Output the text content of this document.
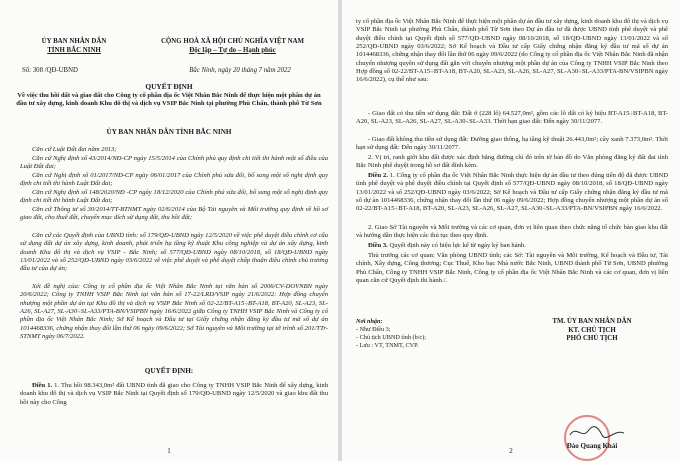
ỦY BAN NHÂN DÂN
TỈNH BẮC NINH
CỘNG HOÀ XÃ HỘI CHỦ NGHĨA VIỆT NAM
Độc lập – Tự do – Hạnh phúc
Số: 308 /QĐ-UBND	Bắc Ninh, ngày 20 tháng 7 năm 2022
QUYẾT ĐỊNH
Về việc thu hồi đất và giao đất cho Công ty cổ phần địa ốc Việt Nhân Bắc Ninh để thực hiện một phần dự án đầu tư xây dựng, kinh doanh Khu đô thị và dịch vụ VSIP Bắc Ninh tại phường Phù Chẩn, thành phố Từ Sơn
ỦY BAN NHÂN DÂN TỈNH BẮC NINH
Căn cứ Luật Đất đai năm 2013;
Căn cứ Nghị định số 43/2014/NĐ-CP ngày 15/5/2014 của Chính phủ quy định chi tiết thi hành một số điều của Luật Đất đai;
Căn cứ Nghị định số 01/2017/NĐ-CP ngày 06/01/2017 của Chính phủ sửa đổi, bổ sung một số nghị định quy định chi tiết thi hành Luật Đất đai;
Căn cứ Nghị định số 148/2020/NĐ -CP ngày 18/12/2020 của Chính phủ sửa đổi, bổ sung một số nghị định quy định chi tiết thi hành Luật Đất đai;
Căn cứ Thông tư số 30/2014/TT-BTNMT ngày 02/6/2014 của Bộ Tài nguyên và Môi trường quy định về hồ sơ giao đất, cho thuê đất, chuyển mục đích sử dụng đất, thu hồi đất;
Căn cứ các Quyết định của UBND tỉnh: số 179/QĐ-UBND ngày 12/5/2020 về việc phê duyệt điều chỉnh cơ cấu sử dụng đất dự án xây dựng, kinh doanh, phát triển hạ tầng kỹ thuật Khu công nghiệp và dự án xây dựng, kinh doanh Khu đô thị và dịch vụ VSIP - Bắc Ninh; số 577/QĐ-UBND ngày 08/10/2018, số 18/QĐ-UBND ngày 13/01/2022 và số 252/QĐ-UBND ngày 03/6/2022 về việc phê duyệt và phê duyệt chấp thuận điều chỉnh chủ trương đầu tư của dự án;
Xét đề nghị của: Công ty cổ phần địa ốc Việt Nhân Bắc Ninh tại văn bản số 2006/CV-DOVNBN ngày 20/6/2022; Công ty TNHH VSIP Bắc Ninh tại văn bản số 17-22/LRD/VSIP ngày 21/6/2022: Hợp đồng chuyển nhượng một phần dự án tại Khu đô thị và dịch vụ VSIP Bắc Ninh số 02-22/BT-A15÷BT-A18, BT-A20, SL-A23, SL-A26, SL-A27, SL-A30÷SL-A33/PTA-BN/VSIPBN ngày 16/6/2022 giữa Công ty TNHH VSIP Bắc Ninh và Công ty cổ phần địa ốc Việt Nhân Bắc Ninh; Sở Kế hoạch và Đầu tư tại Giấy chứng nhận đăng ký đầu tư mã số dự án 1014468336, chứng nhận thay đổi lần thứ 06 ngày 09/6/2022; Sở Tài nguyên và Môi trường tại tờ trình số 201/TTr-STNMT ngày 06/7/2022.
QUYẾT ĐỊNH:
Điều 1. 1. Thu hồi 98.343,0m² đất UBND tỉnh đã giao cho Công ty TNHH VSIP Bắc Ninh để xây dựng, kinh doanh khu đô thị và dịch vụ VSIP Bắc Ninh tại Quyết định số 179/QĐ-UBND ngày 12/5/2020 và giao khu đất thu hồi này cho Công
1
ty cổ phần địa ốc Việt Nhân Bắc Ninh để thực hiện một phần dự án đầu tư xây dựng, kinh doanh khu đô thị và dịch vụ VSIP Bắc Ninh tại phường Phù Chẩn, thành phố Từ Sơn theo Dự án đầu tư đã được UBND tỉnh phê duyệt và phê duyệt điều chỉnh tại Quyết định số 577/QĐ-UBND ngày 08/10/2018, số 18/QĐ-UBND ngày 13/01/2022 và số 252/QĐ-UBND ngày 03/6/2022; Sở Kế hoạch và Đầu tư cấp Giấy chứng nhận đăng ký đầu tư mã số dự án 1014468336, chứng nhận thay đổi lần thứ 06 ngày 09/6/2022 (do Công ty cổ phần địa ốc Việt Nhân Bắc Ninh đã nhận chuyển nhượng quyền sử dụng đất gắn với chuyển nhượng một phần dự án của Công ty TNHH VSIP Bắc Ninh theo Hợp đồng số 02-22/BT-A15÷BT-A18, BT-A20, SL-A23, SL-A26, SL-A27, SL-A30÷SL-A33/PTA-BN/VSIPBN ngày 16/6/2022), cụ thể như sau:
- Giao đất có thu tiền sử dụng đất: Đất ở (228 lô) 64.527,0m², gồm các lô đất có ký hiệu BT-A15÷BT-A18, BT-A20, SL-A23, SL-A26, SL-A27, SL-A30÷SL-A33. Thời hạn giao đất: Đến ngày 30/11/2077.
- Giao đất không thu tiền sử dụng đất: Đường giao thông, hạ tầng kỹ thuật 26.443,0m²; cây xanh 7.373,0m². Thời hạn sử dụng đất: Đến ngày 30/11/2077.
2. Vị trí, ranh giới khu đất được xác định bằng đường chỉ đỏ trên tờ bản đồ do Văn phòng đăng ký đất đai tỉnh Bắc Ninh phê duyệt trong hồ sơ đất đính kèm.
Điều 2. 1. Công ty cổ phần địa ốc Việt Nhân Bắc Ninh thực hiện dự án đầu tư theo đúng tiến độ đã được UBND tỉnh phê duyệt và phê duyệt điều chỉnh tại Quyết định số 577/QĐ-UBND ngày 08/10/2018, số 18/QĐ-UBND ngày 13/01/2022 và số 252/QĐ-UBND ngày 03/6/2022; Sở Kế hoạch và Đầu tư cấp Giấy chứng nhận đăng ký đầu tư mã số dự án 1014468336, chứng nhận thay đổi lần thứ 06 ngày 09/6/2022; Hợp đồng chuyển nhượng một phần dự án số 02-22/BT-A15÷BT-A18, BT-A20, SL-A23, SL-A26, SL-A27, SL-A30÷SL-A33/PTA-BN/VSIPBN ngày 16/6/2022.
2. Giao Sở Tài nguyên và Môi trường và các cơ quan, đơn vị liên quan theo chức năng tổ chức bàn giao khu đất và hướng dẫn thực hiện các thủ tục theo quy định.
Điều 3. Quyết định này có hiệu lực kể từ ngày ký ban hành.
Thủ trưởng các cơ quan: Văn phòng UBND tỉnh; các Sở: Tài nguyên và Môi trường, Kế hoạch và Đầu tư, Tài chính, Xây dựng, Công thương; Cục Thuế, Kho bạc Nhà nước Bắc Ninh, UBND thành phố Từ Sơn, UBND phường Phù Chẩn, Công ty TNHH VSIP Bắc Ninh, Công ty cổ phần địa ốc Việt Nhân Bắc Ninh và các cơ quan, đơn vị liên quan căn cứ Quyết định thi hành./.
Nơi nhận:
- Như Điều 3;
- Chủ tịch UBND tỉnh (b/c);
- Lưu : VT, TNMT, CVP.
TM. ỦY BAN NHÂN DÂN
KT. CHỦ TỊCH
PHÓ CHỦ TỊCH
Đào Quang Khải
2
